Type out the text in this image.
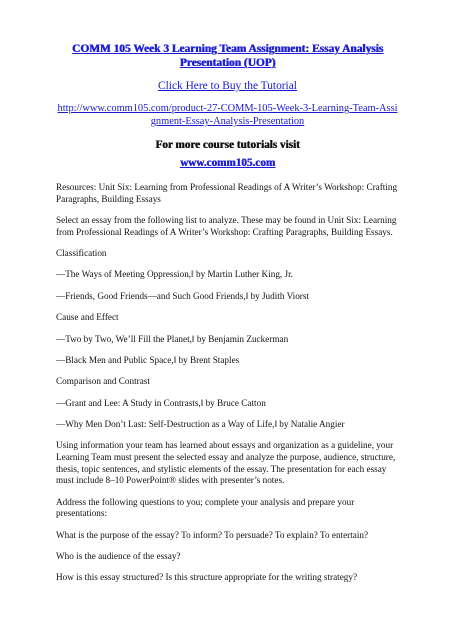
COMM 105 Week 3 Learning Team Assignment: Essay Analysis Presentation (UOP)
Click Here to Buy the Tutorial
http://www.comm105.com/product-27-COMM-105-Week-3-Learning-Team-Assignment-Essay-Analysis-Presentation
For more course tutorials visit
www.comm105.com

Resources: Unit Six: Learning from Professional Readings of A Writer’s Workshop: Crafting Paragraphs, Building Essays

Select an essay from the following list to analyze. These may be found in Unit Six: Learning from Professional Readings of A Writer’s Workshop: Crafting Paragraphs, Building Essays.

Classification

―The Ways of Meeting Oppression,‖ by Martin Luther King, Jr.

―Friends, Good Friends—and Such Good Friends,‖ by Judith Viorst

Cause and Effect

―Two by Two, We’ll Fill the Planet,‖ by Benjamin Zuckerman

―Black Men and Public Space,‖ by Brent Staples

Comparison and Contrast

―Grant and Lee: A Study in Contrasts,‖ by Bruce Catton

―Why Men Don’t Last: Self-Destruction as a Way of Life,‖ by Natalie Angier

Using information your team has learned about essays and organization as a guideline, your Learning Team must present the selected essay and analyze the purpose, audience, structure, thesis, topic sentences, and stylistic elements of the essay. The presentation for each essay must include 8–10 PowerPoint® slides with presenter’s notes.

Address the following questions to you; complete your analysis and prepare your presentations:

What is the purpose of the essay? To inform? To persuade? To explain? To entertain?

Who is the audience of the essay?

How is this essay structured? Is this structure appropriate for the writing strategy?
